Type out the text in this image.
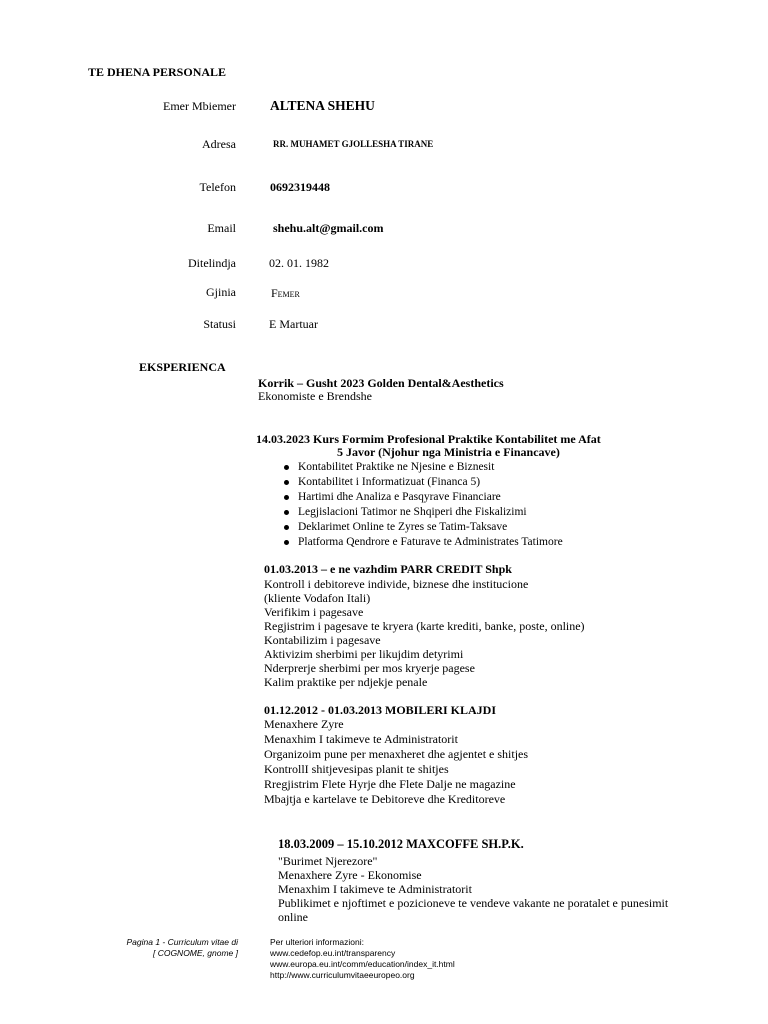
TE DHENA PERSONALE
Emer Mbiemer	ALTENA SHEHU
Adresa	RR. MUHAMET GJOLLESHA TIRANE
Telefon	0692319448
Email	shehu.alt@gmail.com
Ditelindja	02. 01. 1982
Gjinia	Femer
Statusi	E Martuar
EKSPERIENCA
Korrik – Gusht 2023 Golden Dental&Aesthetics
Ekonomiste e Brendshe
14.03.2023 Kurs Formim Profesional Praktike Kontabilitet me Afat
5 Javor (Njohur nga Ministria e Financave)
Kontabilitet Praktike ne Njesine e Biznesit
Kontabilitet i Informatizuat (Financa 5)
Hartimi dhe Analiza e Pasqyrave Financiare
Legjislacioni Tatimor ne Shqiperi dhe Fiskalizimi
Deklarimet Online te Zyres se Tatim-Taksave
Platforma Qendrore e Faturave te Administrates Tatimore
01.03.2013 – e ne vazhdim PARR CREDIT Shpk
Kontroll i debitoreve individe, biznese dhe institucione
(kliente Vodafon Itali)
Verifikim i pagesave
Regjistrim i pagesave te kryera (karte krediti, banke, poste, online)
Kontabilizim i pagesave
Aktivizim sherbimi per likujdim detyrimi
Nderprerje sherbimi per mos kryerje pagese
Kalim praktike per ndjekje penale
01.12.2012 - 01.03.2013 MOBILERI KLAJDI
Menaxhere Zyre
Menaxhim I takimeve te Administratorit
Organizoim pune per menaxheret dhe agjentet e shitjes
KontrollI shitjevesipas planit te shitjes
Rregjistrim Flete Hyrje dhe Flete Dalje ne magazine
Mbajtja e kartelave te Debitoreve dhe Kreditoreve
18.03.2009 – 15.10.2012 MAXCOFFE SH.P.K.
"Burimet Njerezore"
Menaxhere Zyre - Ekonomise
Menaxhim I takimeve te Administratorit
Publikimet e njoftimet e pozicioneve te vendeve vakante ne poratalet e punesimit
online
Pagina 1 - Curriculum vitae di
[ COGNOME, gnome ]
Per ulteriori informazioni:
www.cedefop.eu.int/transparency
www.europa.eu.int/comm/education/index_it.html
http://www.curriculumvitaeeuropeo.org
